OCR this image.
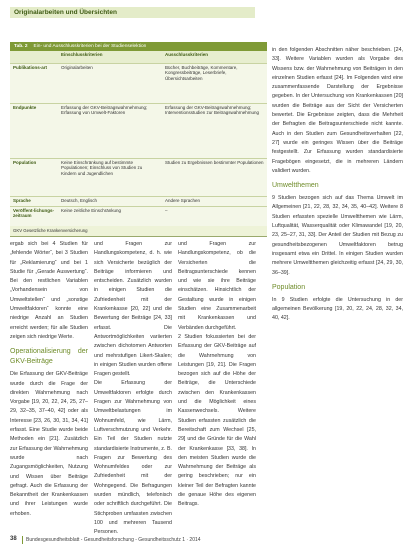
Originalarbeiten und Übersichten
Tab. 2 Ein- und Ausschlusskriterien bei der Studienselektion
	Einschlusskriterien	Ausschlusskriterien
Publikations-art	Originalarbeiten	Bücher, Buchbeiträge, Kommentare, Kongressbeiträge, Leserbriefe, Übersichtsarbeiten
Endpunkte	Erfassung der GKV-Beitragswahrnehmung; Erfassung von Umwelt-Faktoren	Erfassung der GKV-Beitragswahrnehmung; Interventionsstudien zur Beitragswahrnehmung
Population	Keine Einschränkung auf bestimmte Populationen; Einschluss von Studien zu Kindern und Jugendlichen	Studien zu Ergebnissen bestimmter Populationen
Sprache	Deutsch, Englisch	Andere Sprachen
Veröffent-lichungs-zeitraum	Keine zeitliche Einschränkung	–
GKV Gesetzliche Krankenversicherung

ergab sich bei 4 Studien für „fehlende Wörter“, bei 3 Studien für „Reklamierung“ und bei 1 Studie für „Gerade Auswertung“. Bei den restlichen Variablen „Vorhandensein von Umweltstellen“ und „sonstige Umweltfaktoren“ konnte eine niedrige Anzahl an Studien erreicht werden; für alle Studien zeigen sich niedrige Werte.

Operationalisierung der GKV-Beiträge

Die Erfassung der GKV-Beiträge wurde durch die Frage der direkten Wahrnehmung nach Vorgabe [19, 20, 22, 24, 25, 27–29, 32–35, 37–40, 42] oder als Interesse [23, 26, 30, 31, 34, 41] erfasst. Eine Studie wurde beide Methoden ein [21]. Zusätzlich zur Erfassung der Wahrnehmung wurde nach Zugangsmöglichkeiten, Nutzung und Wissen über Beiträge gefragt. Auch die Erfassung der Bekanntheit der Krankenkassen und ihrer Leistungen wurde erhoben.

und Fragen zur Handlungskompetenz, d. h. wie sich Versicherte bezüglich der Beiträge informieren und entscheiden. Zusätzlich wurden in einigen Studien die Zufriedenheit mit der Krankenkasse [20, 22] und die Bewertung der Beiträge [24, 33] erfasst. Die Antwortmöglichkeiten variierten zwischen dichotomen Antworten und mehrstufigen Likert-Skalen; in einigen Studien wurden offene Fragen gestellt.

Die Erfassung der Umweltfaktoren erfolgte durch Fragen zur Wahrnehmung von Umweltbelastungen im Wohnumfeld, wie Lärm, Luftverschmutzung und Verkehr. Ein Teil der Studien nutzte standardisierte Instrumente, z. B. Fragen zur Bewertung des Wohnumfeldes oder zur Zufriedenheit mit der Wohngegend. Die Befragungen wurden mündlich, telefonisch oder schriftlich durchgeführt. Die Stichproben umfassten zwischen 100 und mehreren Tausend Personen.

und Fragen zur Handlungskompetenz, ob die Versicherten die Beitragsunterschiede kennen und wie sie ihre Beiträge einschätzen. Hinsichtlich der Gestaltung wurde in einigen Studien eine Zusammenarbeit mit Krankenkassen und Verbänden durchgeführt.

2 Studien fokussierten bei der Erfassung der GKV-Beiträge auf die Wahrnehmung von Leistungen [19, 21]. Die Fragen bezogen sich auf die Höhe der Beiträge, die Unterschiede zwischen den Krankenkassen und die Möglichkeit eines Kassenwechsels. Weitere Studien erfassten zusätzlich die Bereitschaft zum Wechsel [25, 29] und die Gründe für die Wahl der Krankenkasse [33, 38]. In den meisten Studien wurde die Wahrnehmung der Beiträge als gering beschrieben; nur ein kleiner Teil der Befragten kannte die genaue Höhe des eigenen Beitrags.

in den folgenden Abschnitten näher beschrieben. [24, 33]. Weitere Variablen wurden als Vorgabe des Wissens bzw. der Wahrnehmung von Beiträgen in den einzelnen Studien erfasst [24]. Im Folgenden wird eine zusammenfassende Darstellung der Ergebnisse gegeben. In der Untersuchung von Krankenkassen [20] wurden die Beiträge aus der Sicht der Versicherten bewertet. Die Ergebnisse zeigten, dass die Mehrheit der Befragten die Beitragsunterschiede nicht kannte. Auch in den Studien zum Gesundheitsverhalten [22, 27] wurde ein geringes Wissen über die Beiträge festgestellt. Zur Erfassung wurden standardisierte Fragebögen eingesetzt, die in mehreren Ländern validiert wurden.

Umweltthemen

9 Studien bezogen sich auf das Thema Umwelt im Allgemeinen [21, 22, 28, 32, 34, 35, 40–42]. Weitere 8 Studien erfassten spezielle Umweltthemen wie Lärm, Luftqualität, Wasserqualität oder Klimawandel [19, 20, 23, 25–27, 31, 33]. Der Anteil der Studien mit Bezug zu gesundheitsbezogenen Umweltfaktoren betrug insgesamt etwa ein Drittel. In einigen Studien wurden mehrere Umweltthemen gleichzeitig erfasst [24, 29, 30, 36–39].

Population

In 9 Studien erfolgte die Untersuchung in der allgemeinen Bevölkerung [19, 20, 22, 24, 28, 32, 34, 40, 42].

38 Bundesgesundheitsblatt - Gesundheitsforschung - Gesundheitsschutz 1 · 2014
